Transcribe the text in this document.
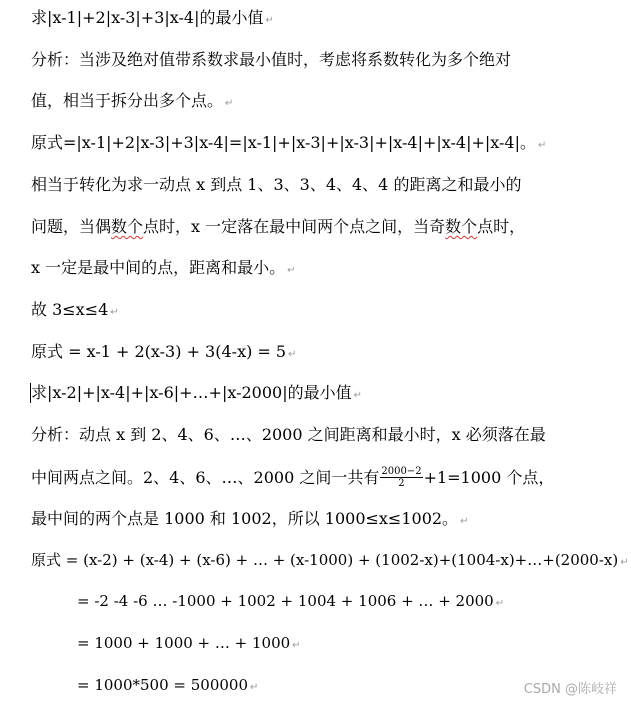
求|x-1|+2|x-3|+3|x-4|的最小值 ↵
分析：当涉及绝对值带系数求最小值时，考虑将系数转化为多个绝对
值，相当于拆分出多个点。 ↵
原式=|x-1|+2|x-3|+3|x-4|=|x-1|+|x-3|+|x-3|+|x-4|+|x-4|+|x-4|。 ↵
相当于转化为求一动点 x 到点 1、3、3、4、4、4 的距离之和最小的
问题，当偶数个点时，x 一定落在最中间两个点之间，当奇数个点时，
x 一定是最中间的点，距离和最小。 ↵
故 3≤x≤4 ↵
原式 = x-1 + 2(x-3) + 3(4-x) = 5 ↵
求|x-2|+|x-4|+|x-6|+…+|x-2000|的最小值 ↵
分析：动点 x 到 2、4、6、…、2000 之间距离和最小时，x 必须落在最
中间两点之间。2、4、6、…、2000 之间一共有 $\frac{2000-2}{2} +1=1000$ 个点，
最中间的两个点是 1000 和 1002，所以 1000≤x≤1002。 ↵
原式 = (x-2) + (x-4) + (x-6) + … + (x-1000) + (1002-x)+(1004-x)+…+(2000-x) ↵
= -2 -4 -6 … -1000 + 1002 + 1004 + 1006 + … + 2000 ↵
= 1000 + 1000 + … + 1000 ↵
= 1000*500 = 500000 ↵	CSDN @陈岐祥
